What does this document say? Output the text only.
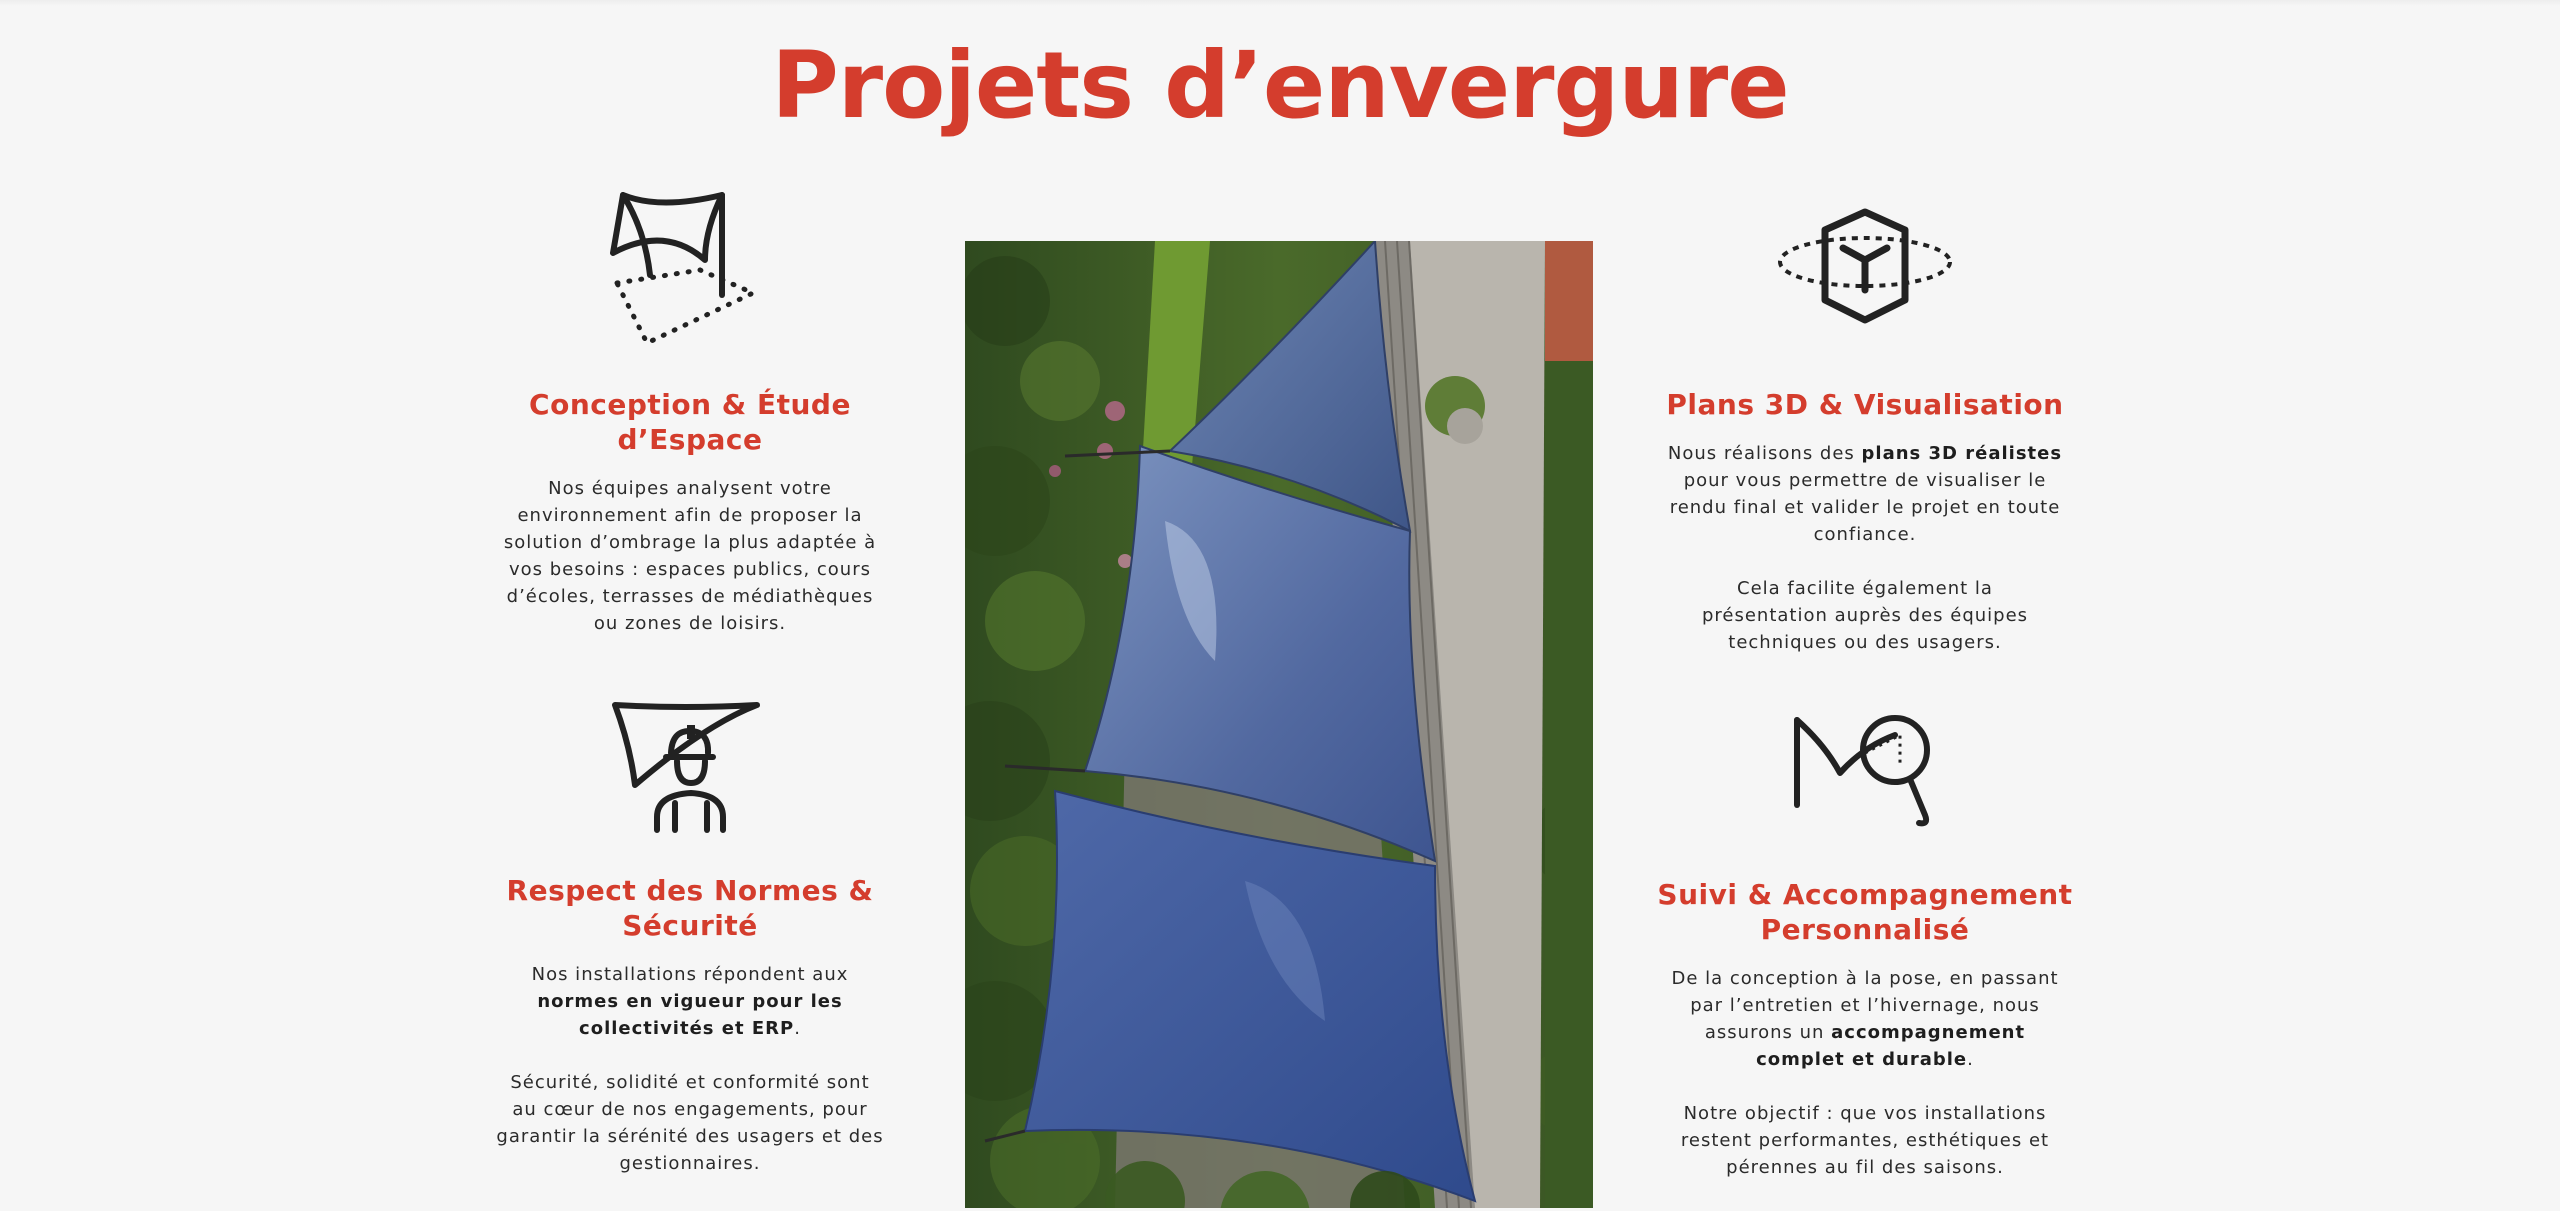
Projets d’envergure
Conception & Étude
d’Espace

Nos équipes analysent votre
environnement afin de proposer la
solution d’ombrage la plus adaptée à
vos besoins : espaces publics, cours
d’écoles, terrasses de médiathèques
ou zones de loisirs.

Respect des Normes &
Sécurité

Nos installations répondent aux
normes en vigueur pour les
collectivités et ERP.

Sécurité, solidité et conformité sont
au cœur de nos engagements, pour
garantir la sérénité des usagers et des
gestionnaires.

Plans 3D & Visualisation

Nous réalisons des plans 3D réalistes
pour vous permettre de visualiser le
rendu final et valider le projet en toute
confiance.

Cela facilite également la
présentation auprès des équipes
techniques ou des usagers.

Suivi & Accompagnement
Personnalisé

De la conception à la pose, en passant
par l’entretien et l’hivernage, nous
assurons un accompagnement
complet et durable.

Notre objectif : que vos installations
restent performantes, esthétiques et
pérennes au fil des saisons.
